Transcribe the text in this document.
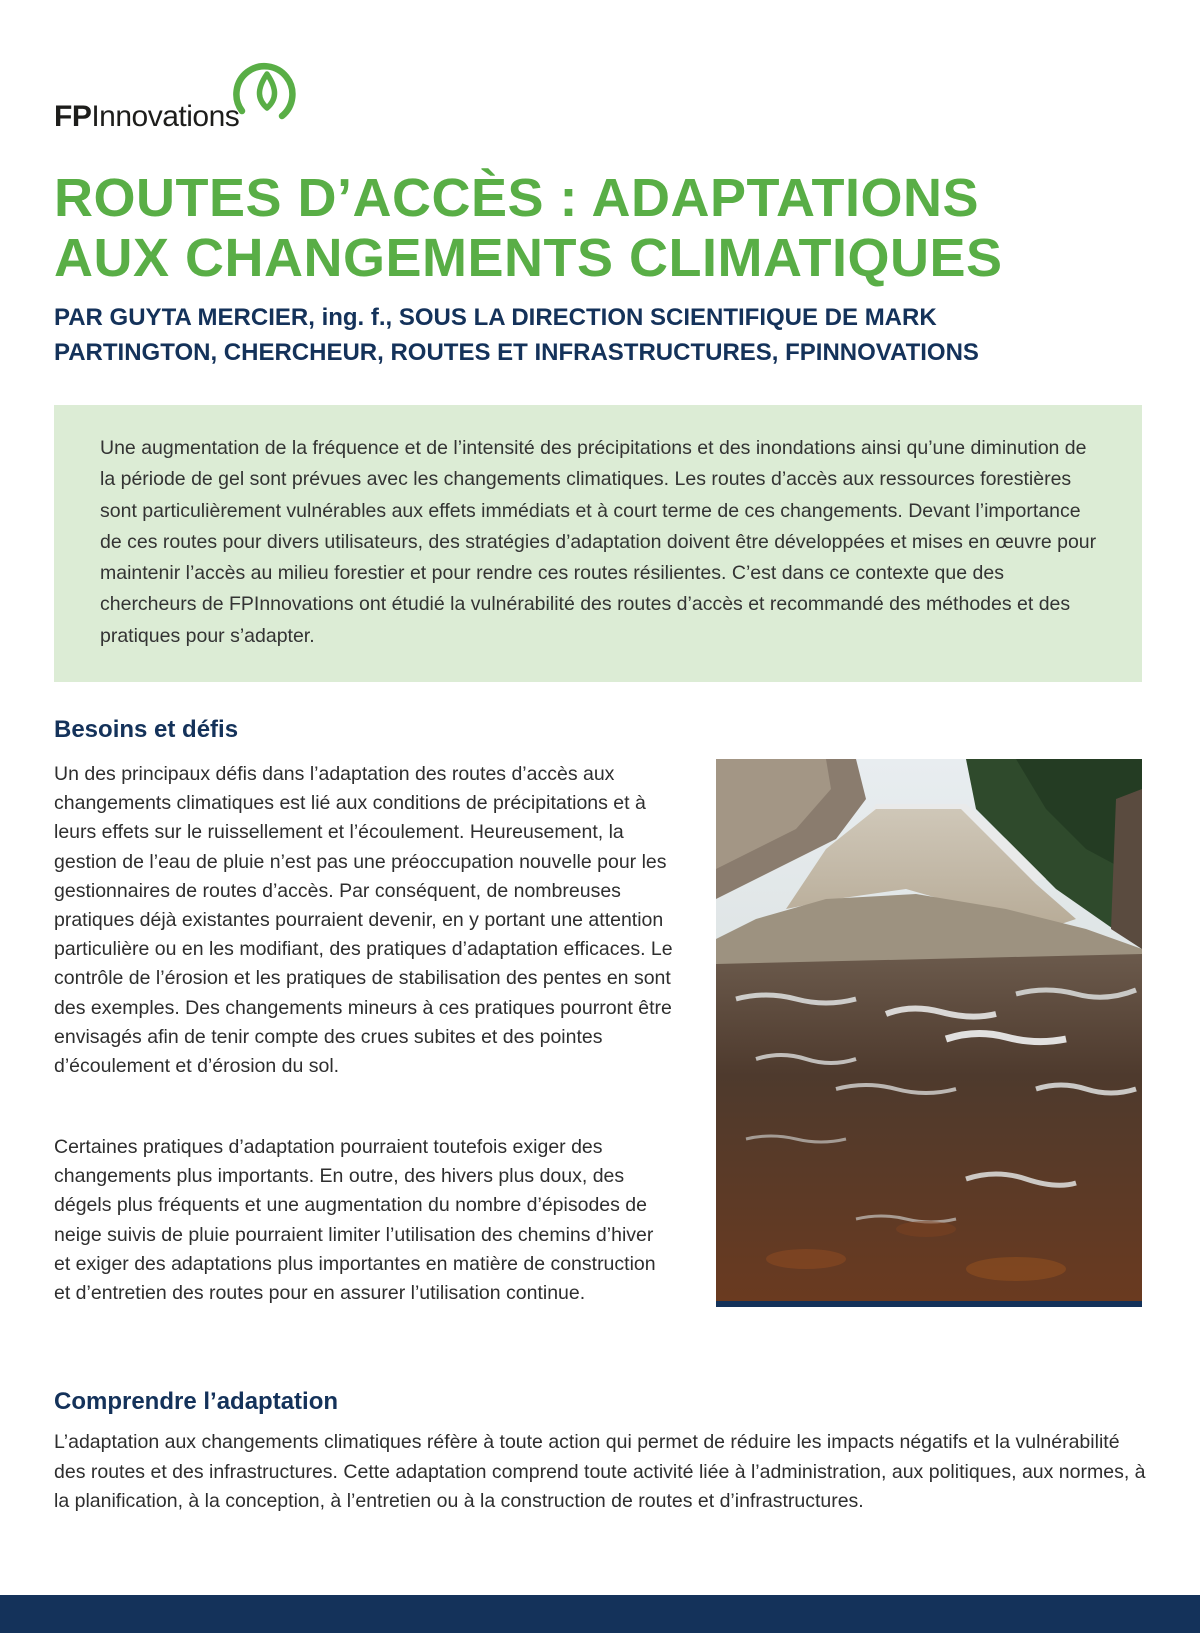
FPInnovations
ROUTES D’ACCÈS : ADAPTATIONS
AUX CHANGEMENTS CLIMATIQUES

PAR GUYTA MERCIER, ing. f., SOUS LA DIRECTION SCIENTIFIQUE DE MARK
PARTINGTON, CHERCHEUR, ROUTES ET INFRASTRUCTURES, FPINNOVATIONS

Une augmentation de la fréquence et de l’intensité des précipitations et des inondations ainsi qu’une diminution de la période de gel sont prévues avec les changements climatiques. Les routes d’accès aux ressources forestières sont particulièrement vulnérables aux effets immédiats et à court terme de ces changements. Devant l’importance de ces routes pour divers utilisateurs, des stratégies d’adaptation doivent être développées et mises en œuvre pour maintenir l’accès au milieu forestier et pour rendre ces routes résilientes. C’est dans ce contexte que des chercheurs de FPInnovations ont étudié la vulnérabilité des routes d’accès et recommandé des méthodes et des pratiques pour s’adapter.

Besoins et défis

Un des principaux défis dans l’adaptation des routes d’accès aux changements climatiques est lié aux conditions de précipitations et à leurs effets sur le ruissellement et l’écoulement. Heureusement, la gestion de l’eau de pluie n’est pas une préoccupation nouvelle pour les gestionnaires de routes d’accès. Par conséquent, de nombreuses pratiques déjà existantes pourraient devenir, en y portant une attention particulière ou en les modifiant, des pratiques d’adaptation efficaces. Le contrôle de l’érosion et les pratiques de stabilisation des pentes en sont des exemples. Des changements mineurs à ces pratiques pourront être envisagés afin de tenir compte des crues subites et des pointes d’écoulement et d’érosion du sol.

Certaines pratiques d’adaptation pourraient toutefois exiger des changements plus importants. En outre, des hivers plus doux, des dégels plus fréquents et une augmentation du nombre d’épisodes de neige suivis de pluie pourraient limiter l’utilisation des chemins d’hiver et exiger des adaptations plus importantes en matière de construction et d’entretien des routes pour en assurer l’utilisation continue.

Comprendre l’adaptation

L’adaptation aux changements climatiques réfère à toute action qui permet de réduire les impacts négatifs et la vulnérabilité des routes et des infrastructures. Cette adaptation comprend toute activité liée à l’administration, aux politiques, aux normes, à la planification, à la conception, à l’entretien ou à la construction de routes et d’infrastructures.
